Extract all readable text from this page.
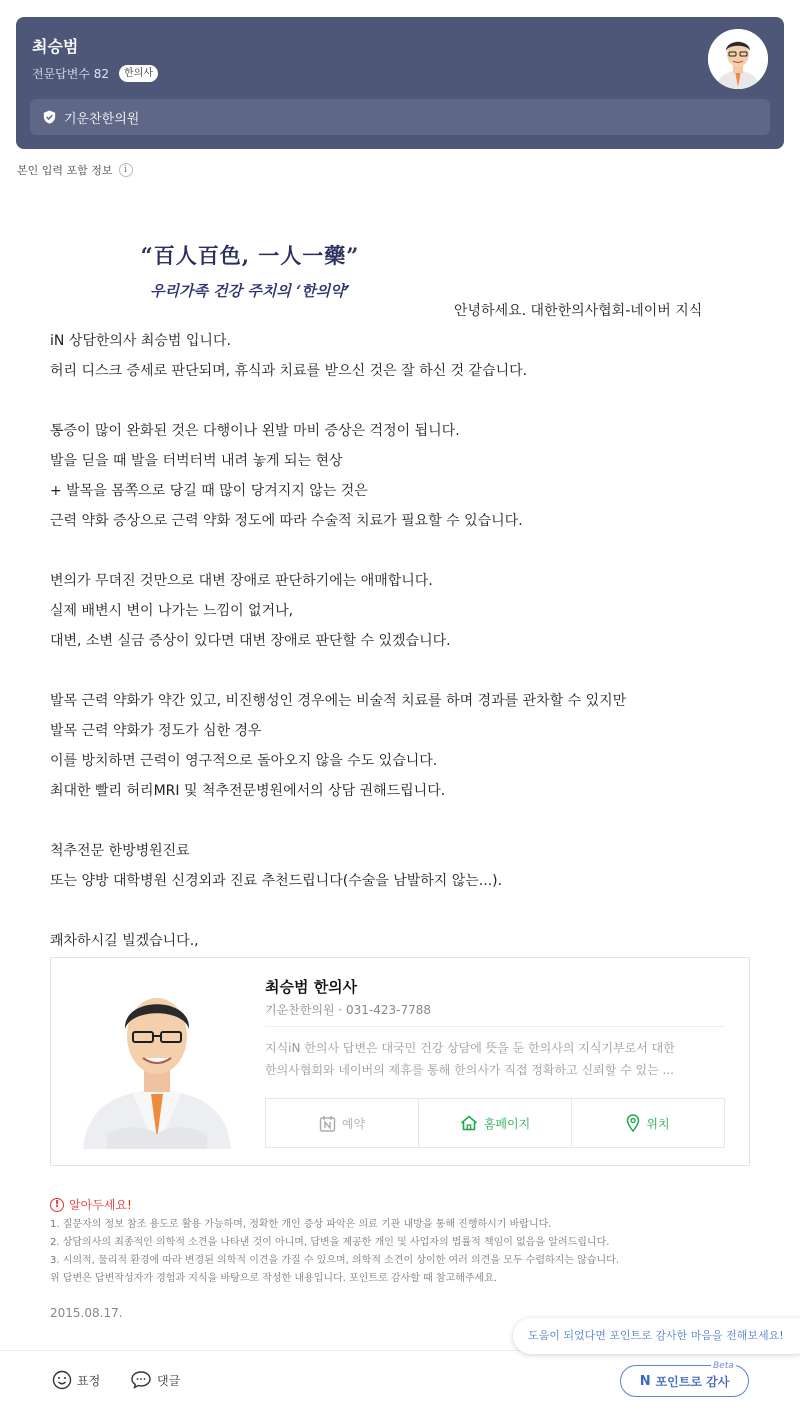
최승범
전문답변수 82	한의사
기운찬한의원
본인 입력 포함 정보	i
“百人百色, 一人一藥”
우리가족 건강 주치의 ‘한의약’
안녕하세요. 대한한의사협회-네이버 지식
iN 상담한의사 최승범 입니다.
허리 디스크 증세로 판단되며, 휴식과 치료를 받으신 것은 잘 하신 것 같습니다.
통증이 많이 완화된 것은 다행이나 왼발 마비 증상은 걱정이 됩니다.
발을 딛을 때 발을 터벅터벅 내려 놓게 되는 현상
+ 발목을 몸쪽으로 당길 때 많이 당겨지지 않는 것은
근력 약화 증상으로 근력 약화 정도에 따라 수술적 치료가 필요할 수 있습니다.
변의가 무뎌진 것만으로 대변 장애로 판단하기에는 애매합니다.
실제 배변시 변이 나가는 느낌이 없거나,
대변, 소변 실금 증상이 있다면 대변 장애로 판단할 수 있겠습니다.
발목 근력 약화가 약간 있고, 비진행성인 경우에는 비술적 치료를 하며 경과를 관차할 수 있지만
발목 근력 약화가 정도가 심한 경우
이를 방치하면 근력이 영구적으로 돌아오지 않을 수도 있습니다.
최대한 빨리 허리MRI 및 척추전문병원에서의 상담 권해드립니다.
척추전문 한방병원진료
또는 양방 대학병원 신경외과 진료 추천드립니다(수술을 남발하지 않는...).
쾌차하시길 빌겠습니다.,
최승범 한의사
기운찬한의원 · 031-423-7788
지식iN 한의사 답변은 대국민 건강 상담에 뜻을 둔 한의사의 지식기부로서 대한
한의사협회와 네이버의 제휴를 통해 한의사가 직접 정확하고 신뢰할 수 있는 ...
예약	홈페이지	위치
! 알아두세요!
1. 질문자의 정보 참조 용도로 활용 가능하며, 정확한 개인 증상 파악은 의료 기관 내방을 통해 진행하시기 바랍니다.
2. 상담의사의 최종적인 의학적 소견을 나타낸 것이 아니며, 답변을 제공한 개인 및 사업자의 법률적 책임이 없음을 알려드립니다.
3. 시의적, 물리적 환경에 따라 변경된 의학적 이견을 가질 수 있으며, 의학적 소견이 상이한 여러 의견을 모두 수렴하지는 않습니다.
위 답변은 답변작성자가 경험과 지식을 바탕으로 작성한 내용입니다. 포인트로 감사할 때 참고해주세요.
2015.08.17.
표정	댓글	N 포인트로 감사
Beta
도움이 되었다면 포인트로 감사한 마음을 전해보세요!
